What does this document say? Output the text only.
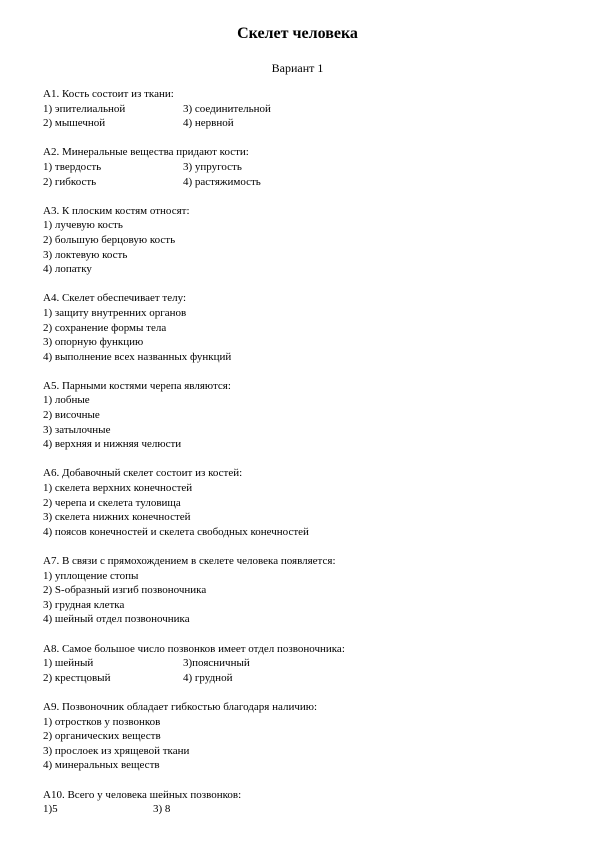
Скелет человека
Вариант 1
А1. Кость состоит из ткани:
1) эпителиальной	3) соединительной
2) мышечной	4) нервной
А2. Минеральные вещества придают кости:
1) твердость	3) упругость
2) гибкость	4) растяжимость
А3. К плоским костям относят:
1) лучевую кость
2) большую берцовую кость
3) локтевую кость
4) лопатку
А4. Скелет обеспечивает телу:
1) защиту внутренних органов
2) сохранение формы тела
3) опорную функцию
4) выполнение всех названных функций
А5. Парными костями черепа являются:
1) лобные
2) височные
3) затылочные
4) верхняя и нижняя челюсти
А6. Добавочный скелет состоит из костей:
1) скелета верхних конечностей
2) черепа и скелета туловища
3) скелета нижних конечностей
4) поясов конечностей и скелета свободных конечностей
А7. В связи с прямохождением в скелете человека появляется:
1) уплощение стопы
2) S-образный изгиб позвоночника
3) грудная клетка
4) шейный отдел позвоночника
А8. Самое большое число позвонков имеет отдел позвоночника:
1) шейный	3)поясничный
2) крестцовый	4) грудной
А9. Позвоночник обладает гибкостью благодаря наличию:
1) отростков у позвонков
2) органических веществ
3) прослоек из хрящевой ткани
4) минеральных веществ
А10. Всего у человека шейных позвонков:
1)5	3) 8
